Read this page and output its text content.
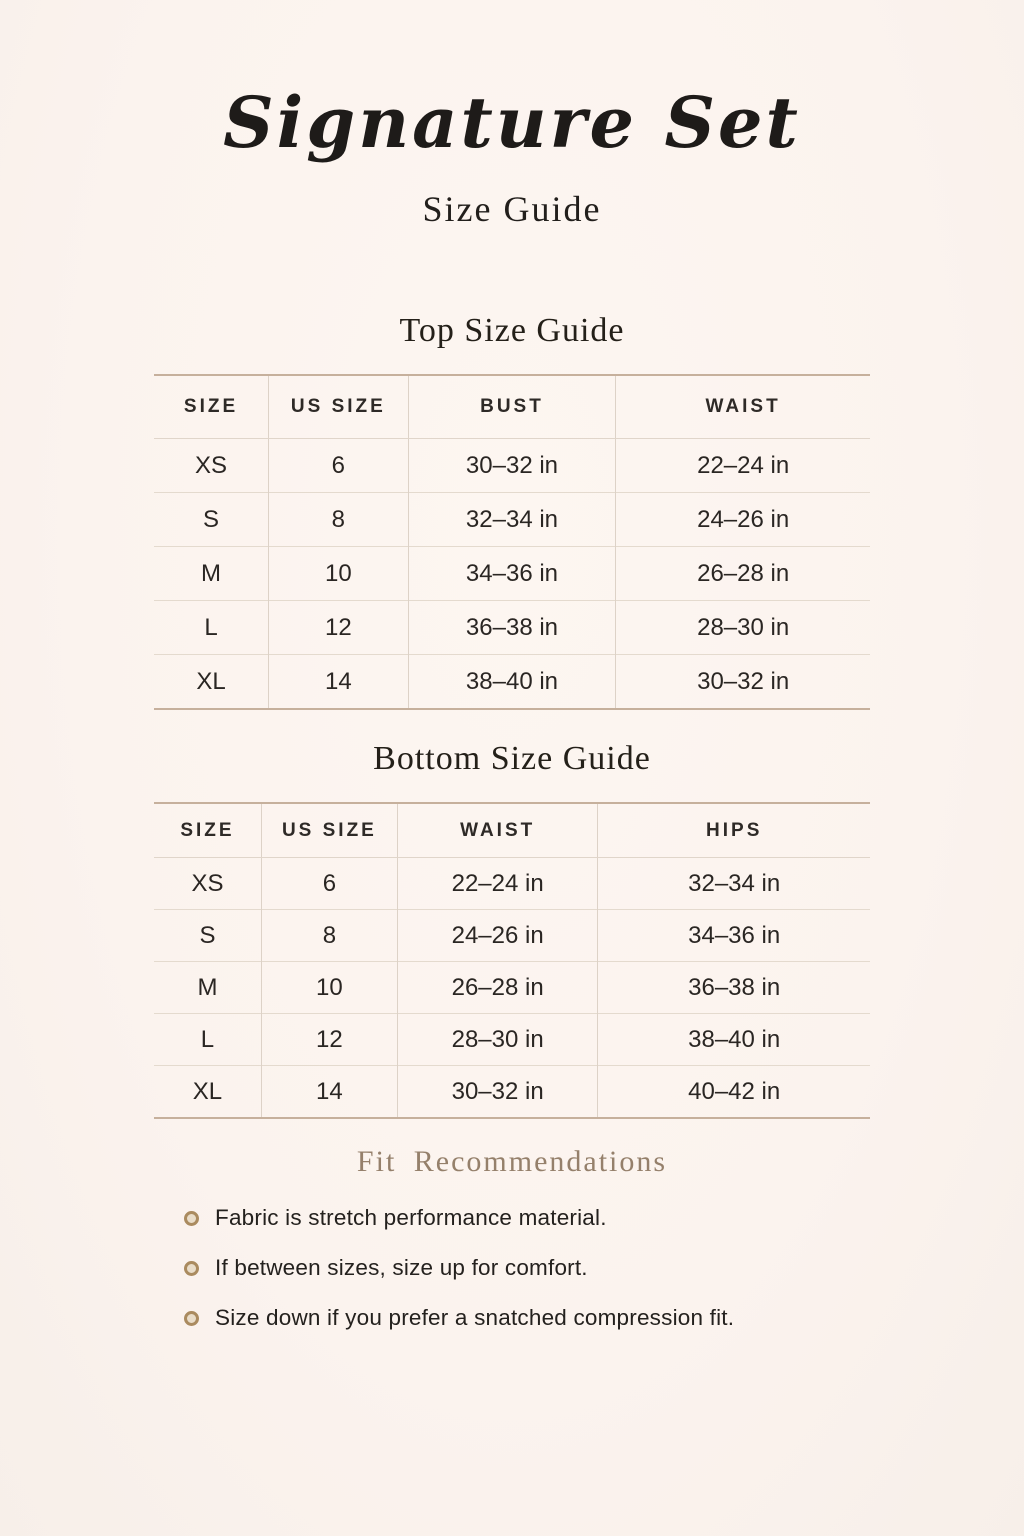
Signature Set
Size Guide
Top Size Guide
SIZE	US SIZE	BUST	WAIST
XS	6	30–32 in	22–24 in
S	8	32–34 in	24–26 in
M	10	34–36 in	26–28 in
L	12	36–38 in	28–30 in
XL	14	38–40 in	30–32 in
Bottom Size Guide
SIZE	US SIZE	WAIST	HIPS
XS	6	22–24 in	32–34 in
S	8	24–26 in	34–36 in
M	10	26–28 in	36–38 in
L	12	28–30 in	38–40 in
XL	14	30–32 in	40–42 in
Fit Recommendations
Fabric is stretch performance material.
If between sizes, size up for comfort.
Size down if you prefer a snatched compression fit.
